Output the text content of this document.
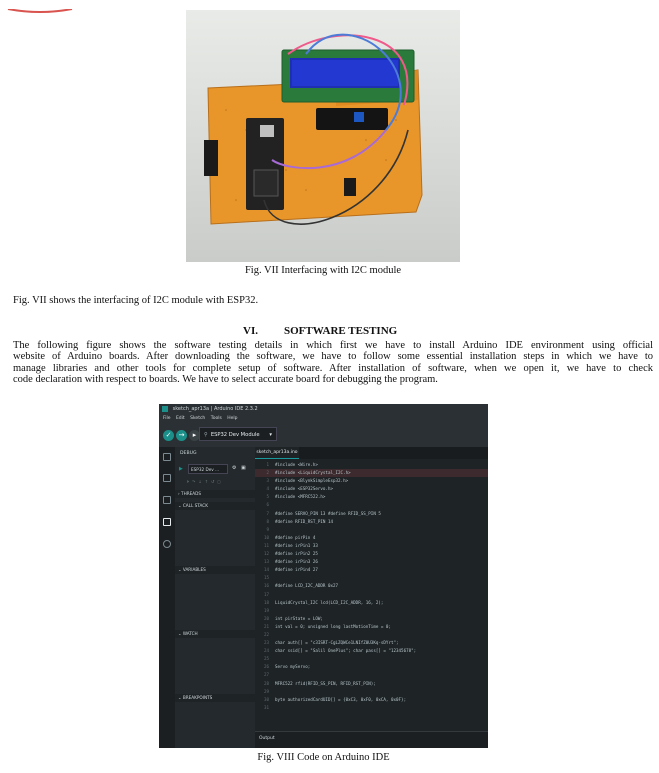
Fig. VII Interfacing with I2C module
Fig. VII shows the interfacing of I2C module with ESP32.
VI. SOFTWARE TESTING
The following figure shows the software testing details in which first we have to install Arduino IDE environment using official
website of Arduino boards. After downloading the software, we have to follow some essential installation steps in which we have to
manage libraries and other tools for complete setup of software. After installation of software, when we open it, we have to check
code declaration with respect to boards. We have to select accurate board for debugging the program.
sketch_apr13a | Arduino IDE 2.3.2
File Edit Sketch Tools Help
✓	→	▸	⚲ ESP32 Dev Module ▾
DEBUG
▶	ESP32 Dev ...	⚙ ▣
⏵↷↓↑↺◻
› THREADS
⌄ CALL STACK
⌄ VARIABLES
⌄ WATCH
⌄ BREAKPOINTS
sketch_apr13a.ino
1 #include <Wire.h>
2 #include <LiquidCrystal_I2C.h>
3 #include <BlynkSimpleEsp32.h>
4 #include <ESP32Servo.h>
5 #include <MFRC522.h>
6
7 #define SERVO_PIN 13 #define RFID_SS_PIN 5
8 #define RFID_RST_PIN 14
9
10 #define pirPin 4
11 #define irPin1 33
12 #define irPin2 25
13 #define irPin3 26
14 #define irPin4 27
15
16 #define LCD_I2C_ADDR 0x27
17
18 LiquidCrystal_I2C lcd(LCD_I2C_ADDR, 16, 2);
19
20 int pirState = LOW;
21 int val = 0; unsigned long lastMotionTime = 0;
22
23 char auth[] = "c3ISRT-CgLZQWCe1LNIfZ0U3Kq-sDYrt";
24 char ssid[] = "Salil OnePlus"; char pass[] = "12345678";
25
26 Servo myServo;
27
28 MFRC522 rfid(RFID_SS_PIN, RFID_RST_PIN);
29
30 byte authorizedCardUID[] = {0xC3, 0xF0, 0xCA, 0x0F};
31
Output
Fig. VIII Code on Arduino IDE
